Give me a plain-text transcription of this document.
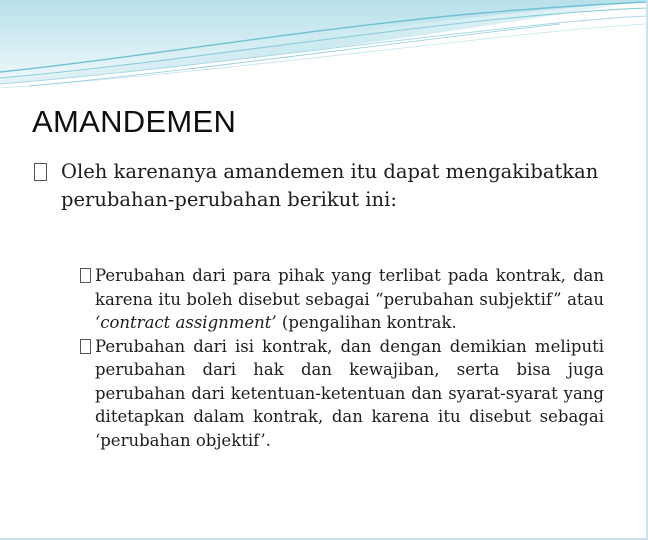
AMANDEMEN
Oleh karenanya amandemen itu dapat mengakibatkan perubahan-perubahan berikut ini:
Perubahan dari para pihak yang terlibat pada kontrak, dan karena itu boleh disebut sebagai “perubahan subjektif” atau ‘contract assignment’ (pengalihan kontrak.
Perubahan dari isi kontrak, dan dengan demikian meliputi perubahan dari hak dan kewajiban, serta bisa juga perubahan dari ketentuan-ketentuan dan syarat-syarat yang ditetapkan dalam kontrak, dan karena itu disebut sebagai ‘perubahan objektif’.
